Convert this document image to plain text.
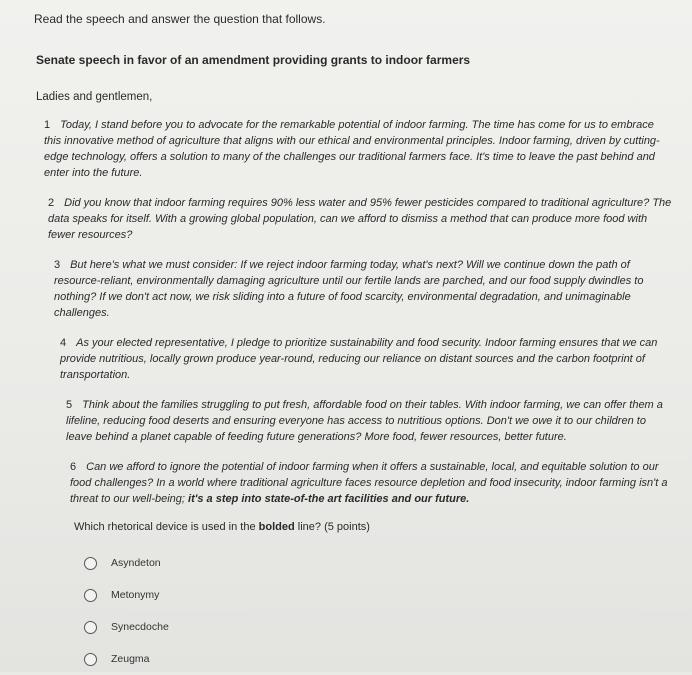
Read the speech and answer the question that follows.

Senate speech in favor of an amendment providing grants to indoor farmers

Ladies and gentlemen,

1 Today, I stand before you to advocate for the remarkable potential of indoor farming. The time has come for us to embrace this innovative method of agriculture that aligns with our ethical and environmental principles. Indoor farming, driven by cutting-edge technology, offers a solution to many of the challenges our traditional farmers face. It's time to leave the past behind and enter into the future.

2 Did you know that indoor farming requires 90% less water and 95% fewer pesticides compared to traditional agriculture? The data speaks for itself. With a growing global population, can we afford to dismiss a method that can produce more food with fewer resources?

3 But here's what we must consider: If we reject indoor farming today, what's next? Will we continue down the path of resource-reliant, environmentally damaging agriculture until our fertile lands are parched, and our food supply dwindles to nothing? If we don't act now, we risk sliding into a future of food scarcity, environmental degradation, and unimaginable challenges.

4 As your elected representative, I pledge to prioritize sustainability and food security. Indoor farming ensures that we can provide nutritious, locally grown produce year-round, reducing our reliance on distant sources and the carbon footprint of transportation.

5 Think about the families struggling to put fresh, affordable food on their tables. With indoor farming, we can offer them a lifeline, reducing food deserts and ensuring everyone has access to nutritious options. Don't we owe it to our children to leave behind a planet capable of feeding future generations? More food, fewer resources, better future.

6 Can we afford to ignore the potential of indoor farming when it offers a sustainable, local, and equitable solution to our food challenges? In a world where traditional agriculture faces resource depletion and food insecurity, indoor farming isn't a threat to our well-being; it's a step into state-of-the art facilities and our future.

Which rhetorical device is used in the bolded line? (5 points)

Asyndeton
Metonymy
Synecdoche
Zeugma
